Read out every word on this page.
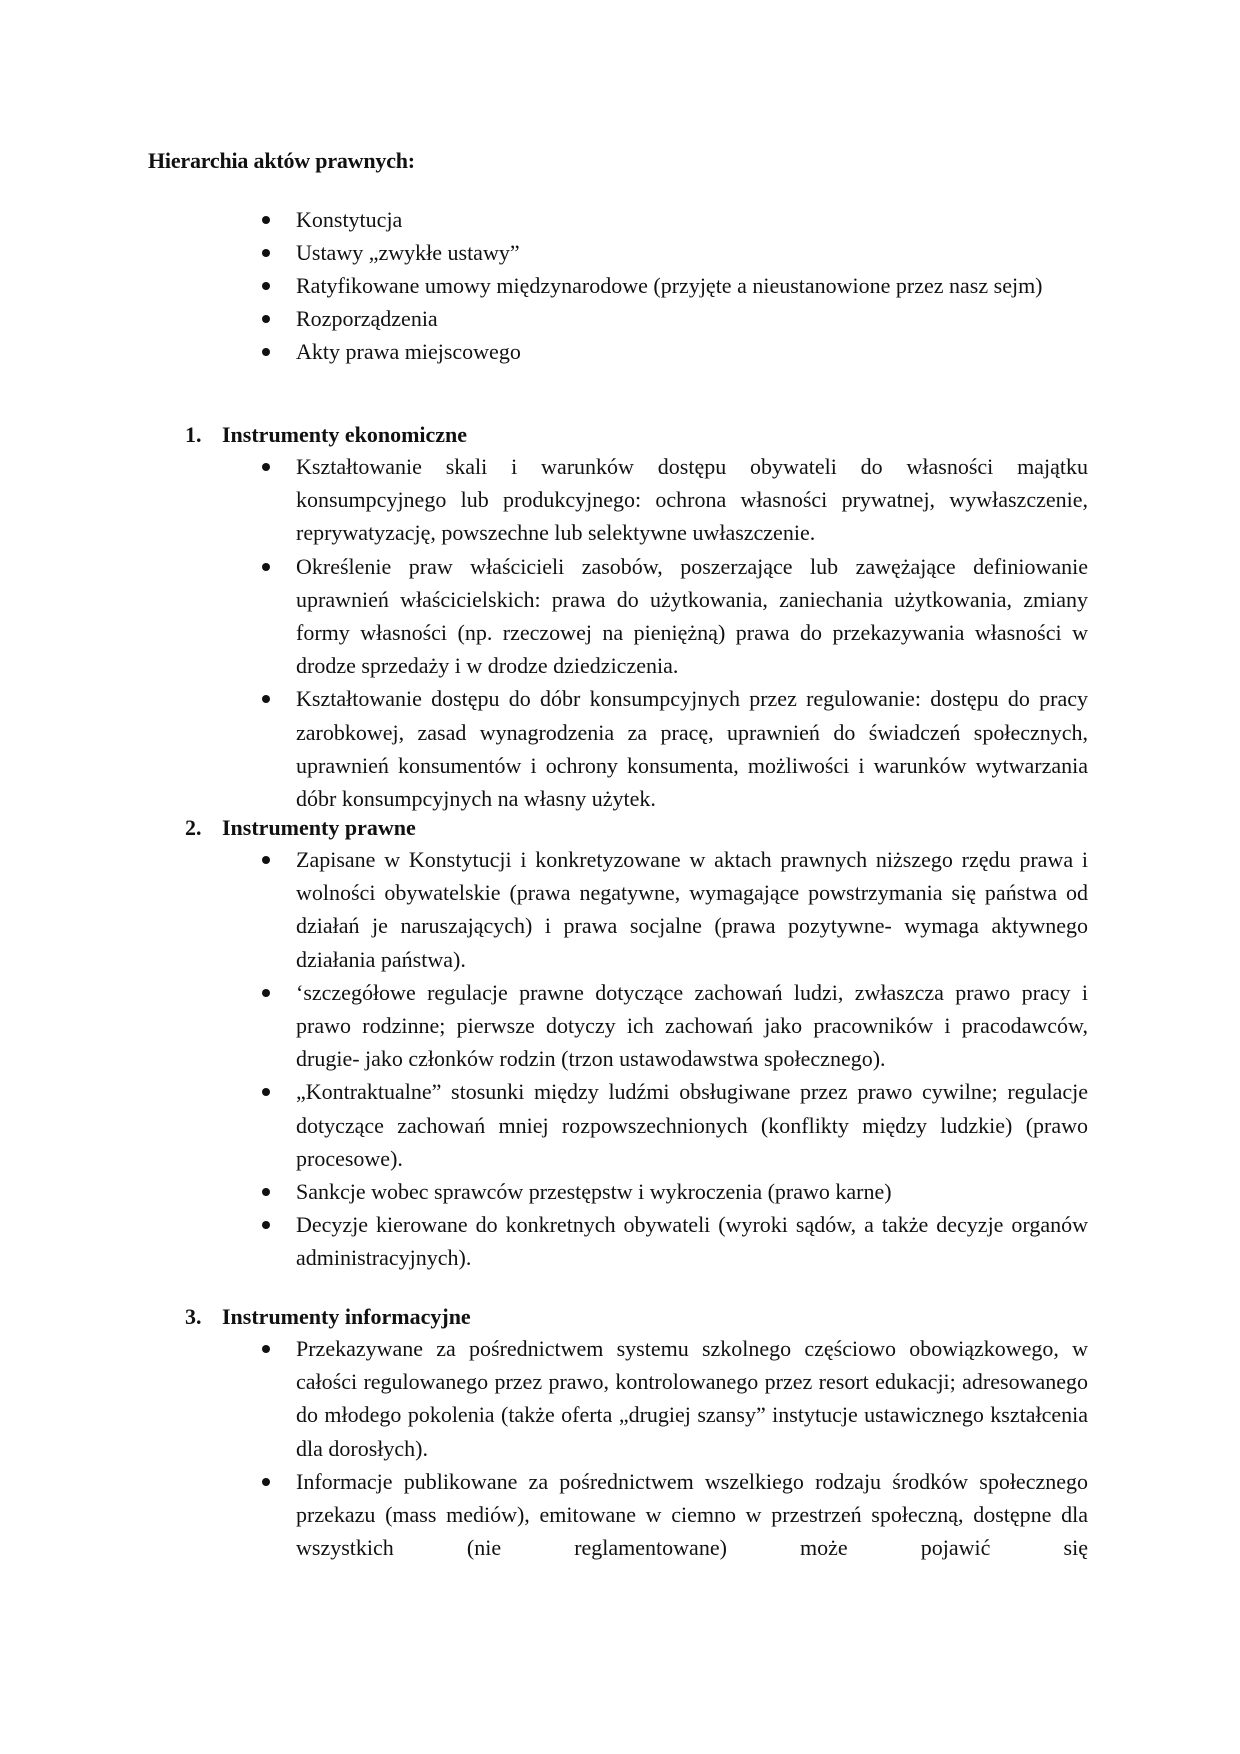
Hierarchia aktów prawnych:
Konstytucja
Ustawy „zwykłe ustawy”
Ratyfikowane umowy międzynarodowe (przyjęte a nieustanowione przez nasz sejm)
Rozporządzenia
Akty prawa miejscowego
1. Instrumenty ekonomiczne
Kształtowanie skali i warunków dostępu obywateli do własności majątku konsumpcyjnego lub produkcyjnego: ochrona własności prywatnej, wywłaszczenie, reprywatyzację, powszechne lub selektywne uwłaszczenie.
Określenie praw właścicieli zasobów, poszerzające lub zawężające definiowanie uprawnień właścicielskich: prawa do użytkowania, zaniechania użytkowania, zmiany formy własności (np. rzeczowej na pieniężną) prawa do przekazywania własności w drodze sprzedaży i w drodze dziedziczenia.
Kształtowanie dostępu do dóbr konsumpcyjnych przez regulowanie: dostępu do pracy zarobkowej, zasad wynagrodzenia za pracę, uprawnień do świadczeń społecznych, uprawnień konsumentów i ochrony konsumenta, możliwości i warunków wytwarzania dóbr konsumpcyjnych na własny użytek.
2. Instrumenty prawne
Zapisane w Konstytucji i konkretyzowane w aktach prawnych niższego rzędu prawa i wolności obywatelskie (prawa negatywne, wymagające powstrzymania się państwa od działań je naruszających) i prawa socjalne (prawa pozytywne- wymaga aktywnego działania państwa).
‘szczegółowe regulacje prawne dotyczące zachowań ludzi, zwłaszcza prawo pracy i prawo rodzinne; pierwsze dotyczy ich zachowań jako pracowników i pracodawców, drugie- jako członków rodzin (trzon ustawodawstwa społecznego).
„Kontraktualne” stosunki między ludźmi obsługiwane przez prawo cywilne; regulacje dotyczące zachowań mniej rozpowszechnionych (konflikty między ludzkie) (prawo procesowe).
Sankcje wobec sprawców przestępstw i wykroczenia (prawo karne)
Decyzje kierowane do konkretnych obywateli (wyroki sądów, a także decyzje organów administracyjnych).
3. Instrumenty informacyjne
Przekazywane za pośrednictwem systemu szkolnego częściowo obowiązkowego, w całości regulowanego przez prawo, kontrolowanego przez resort edukacji; adresowanego do młodego pokolenia (także oferta „drugiej szansy” instytucje ustawicznego kształcenia dla dorosłych).
Informacje publikowane za pośrednictwem wszelkiego rodzaju środków społecznego przekazu (mass mediów), emitowane w ciemno w przestrzeń społeczną, dostępne dla wszystkich (nie reglamentowane) może pojawić się
